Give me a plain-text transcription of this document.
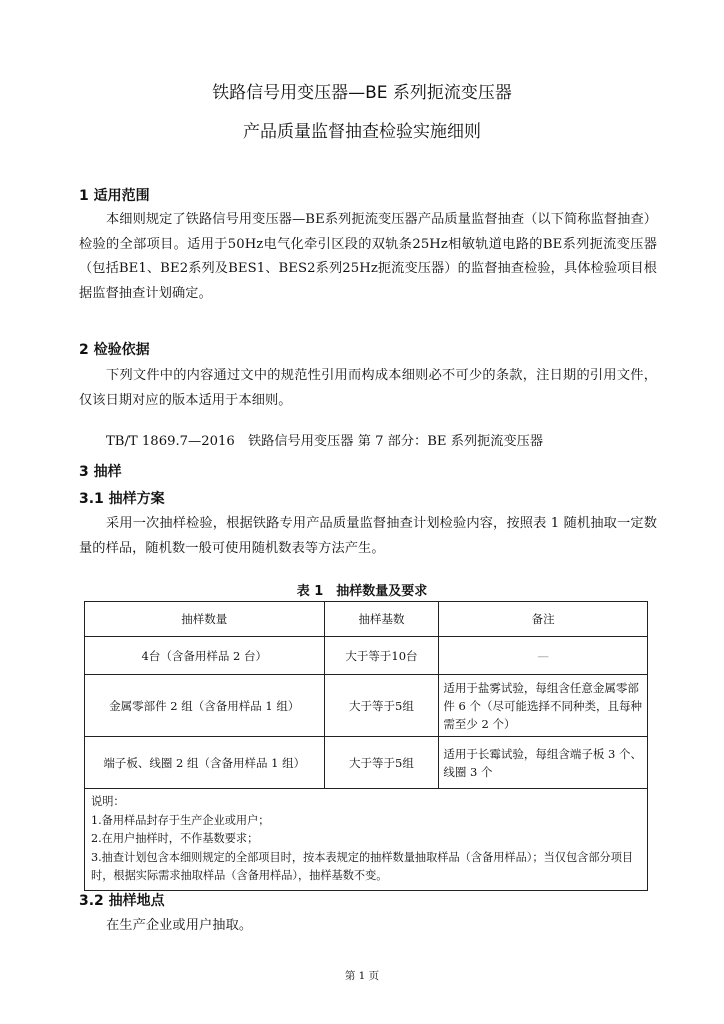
铁路信号用变压器—BE 系列扼流变压器
产品质量监督抽查检验实施细则
1 适用范围
本细则规定了铁路信号用变压器—BE系列扼流变压器产品质量监督抽查（以下简称监督抽查）检验的全部项目。适用于50Hz电气化牵引区段的双轨条25Hz相敏轨道电路的BE系列扼流变压器（包括BE1、BE2系列及BES1、BES2系列25Hz扼流变压器）的监督抽查检验，具体检验项目根据监督抽查计划确定。
2 检验依据
下列文件中的内容通过文中的规范性引用而构成本细则必不可少的条款，注日期的引用文件，仅该日期对应的版本适用于本细则。
TB/T 1869.7—2016　铁路信号用变压器 第 7 部分：BE 系列扼流变压器
3 抽样
3.1 抽样方案
采用一次抽样检验，根据铁路专用产品质量监督抽查计划检验内容，按照表 1 随机抽取一定数量的样品，随机数一般可使用随机数表等方法产生。
表 1　抽样数量及要求
抽样数量	抽样基数	备注
4台（含备用样品 2 台）	大于等于10台	—
金属零部件 2 组（含备用样品 1 组）	大于等于5组	适用于盐雾试验，每组含任意金属零部件 6 个（尽可能选择不同种类，且每种需至少 2 个）
端子板、线圈 2 组（含备用样品 1 组）	大于等于5组	适用于长霉试验，每组含端子板 3 个、线圈 3 个

说明：
1.备用样品封存于生产企业或用户；
2.在用户抽样时，不作基数要求；
3.抽查计划包含本细则规定的全部项目时，按本表规定的抽样数量抽取样品（含备用样品）；当仅包含部分项目时，根据实际需求抽取样品（含备用样品），抽样基数不变。		
3.2 抽样地点
在生产企业或用户抽取。
第 1 页
